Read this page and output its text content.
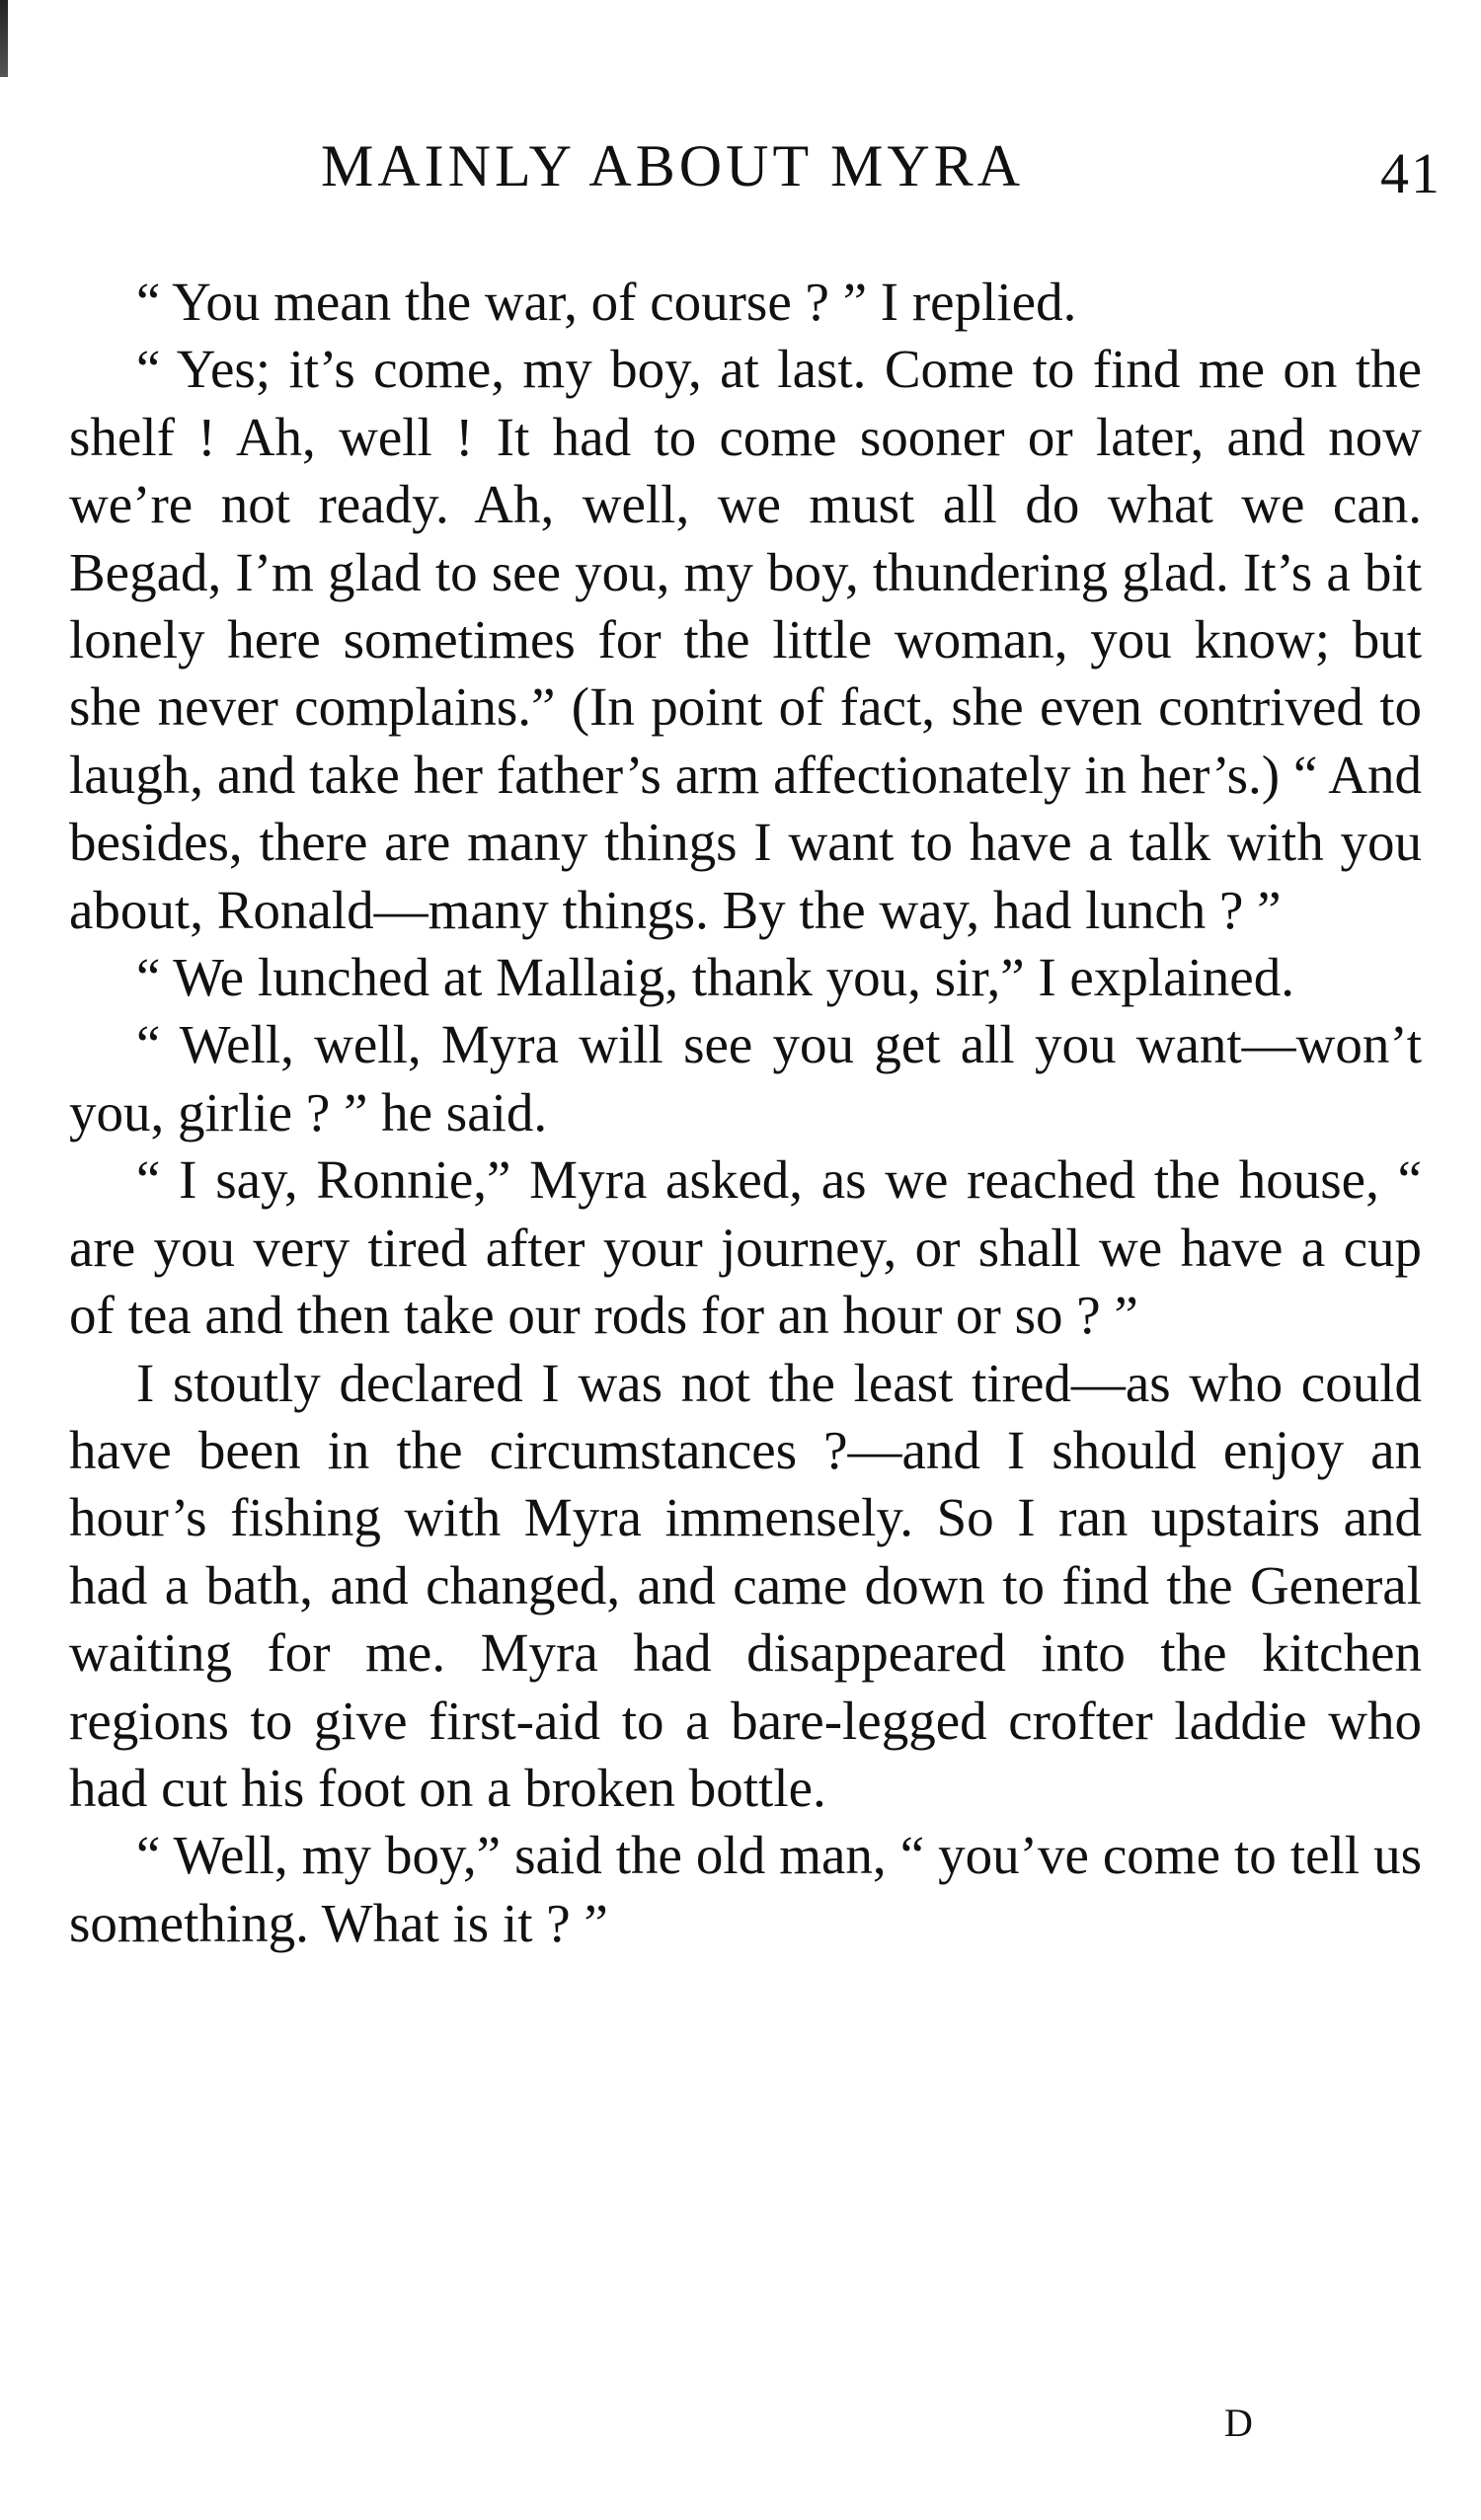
MAINLY ABOUT MYRA	41

“ You mean the war, of course ? ” I replied.

“ Yes; it’s come, my boy, at last. Come to find me on the shelf ! Ah, well ! It had to come sooner or later, and now we’re not ready. Ah, well, we must all do what we can. Begad, I’m glad to see you, my boy, thundering glad. It’s a bit lonely here sometimes for the little woman, you know; but she never complains.” (In point of fact, she even contrived to laugh, and take her father’s arm affectionately in her’s.) “ And besides, there are many things I want to have a talk with you about, Ronald—many things. By the way, had lunch ? ”

“ We lunched at Mallaig, thank you, sir,” I explained.

“ Well, well, Myra will see you get all you want—won’t you, girlie ? ” he said.

“ I say, Ronnie,” Myra asked, as we reached the house, “ are you very tired after your journey, or shall we have a cup of tea and then take our rods for an hour or so ? ”

I stoutly declared I was not the least tired—as who could have been in the circumstances ?—and I should enjoy an hour’s fishing with Myra immensely. So I ran upstairs and had a bath, and changed, and came down to find the General waiting for me. Myra had disappeared into the kitchen regions to give first-aid to a bare-legged crofter laddie who had cut his foot on a broken bottle.

“ Well, my boy,” said the old man, “ you’ve come to tell us something. What is it ? ”

D
